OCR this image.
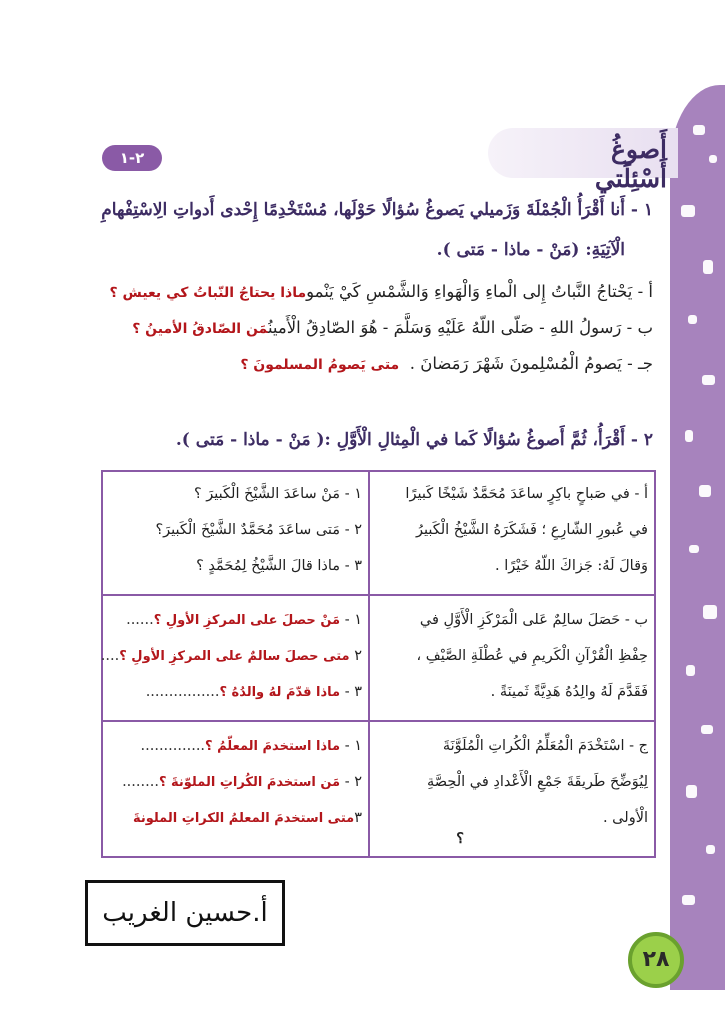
أَصوغُ أَسْئِلَتي
٢-١
١ - أَنا أَقْرَأُ الْجُمْلَةَ وَزَميلي يَصوغُ سُؤالًا حَوْلَها، مُسْتَخْدِمًا إِحْدى أَدواتِ الِاسْتِفْهامِ
الْآتِيَةِ: (مَنْ - ماذا - مَتى ).
أ - يَحْتاجُ النَّباتُ إِلى الْماءِ وَالْهَواءِ وَالشَّمْسِ كَيْ يَنْموماذا يحتاجُ النّباتُ كي يعيش ؟
ب - رَسولُ اللهِ - صَلّى اللّهُ عَلَيْهِ وَسَلَّمَ - هُوَ الصّادِقُ الْأَمينُمَن الصّادقُ الأمينُ ؟
جـ - يَصومُ الْمُسْلِمونَ شَهْرَ رَمَضانَ .  متى يَصومُ المسلمونَ ؟
٢ - أَقْرَأُ، ثُمَّ أَصوغُ سُؤالًا كَما في الْمِثالِ الْأَوَّلِ :( مَنْ - ماذا - مَتى ).
أ - في صَباحٍ باكِرٍ ساعَدَ مُحَمَّدٌ شَيْخًا كَبيرًا
في عُبورِ الشّارِعِ ؛ فَشَكَرَهُ الشَّيْخُ الْكَبيرُ
وَقالَ لَهُ: جَزاكَ اللّهُ خَيْرًا .
١ - مَنْ ساعَدَ الشَّيْخَ الْكَبيرَ ؟
٢ - مَتى ساعَدَ مُحَمَّدٌ الشَّيْخَ الْكَبيرَ؟
٣ - ماذا قالَ الشَّيْخُ لِمُحَمَّدٍ ؟
ب - حَصَلَ سالِمٌ عَلى الْمَرْكَزِ الْأَوَّلِ في
حِفْظِ الْقُرْآنِ الْكَريمِ في عُطْلَةِ الصَّيْفِ ،
فَقَدَّمَ لَهُ والِدُهُ هَدِيَّةً ثَمينَةً .
١ - مَنْ حصلَ على المركزِ الأولِ ؟......
٢ متى حصلَ سالمٌ على المركزِ الأولِ ؟....
٣ - ماذا قدّمَ لهُ والدُهُ ؟................
ج - اسْتَخْدَمَ الْمُعَلِّمُ الْكُراتِ الْمُلَوَّنَةَ
لِيُوَضِّحَ طَريقَةَ جَمْعِ الْأَعْدادِ في الْحِصَّةِ
الْأولى .
؟
١ - ماذا استخدمَ المعلّمُ ؟..............
٢ - مَن استخدمَ الكُراتِ الملوّنةَ ؟........
٣متى استخدمَ المعلمُ الكراتِ الملونةَ
أ.حسين الغريب
٢٨
